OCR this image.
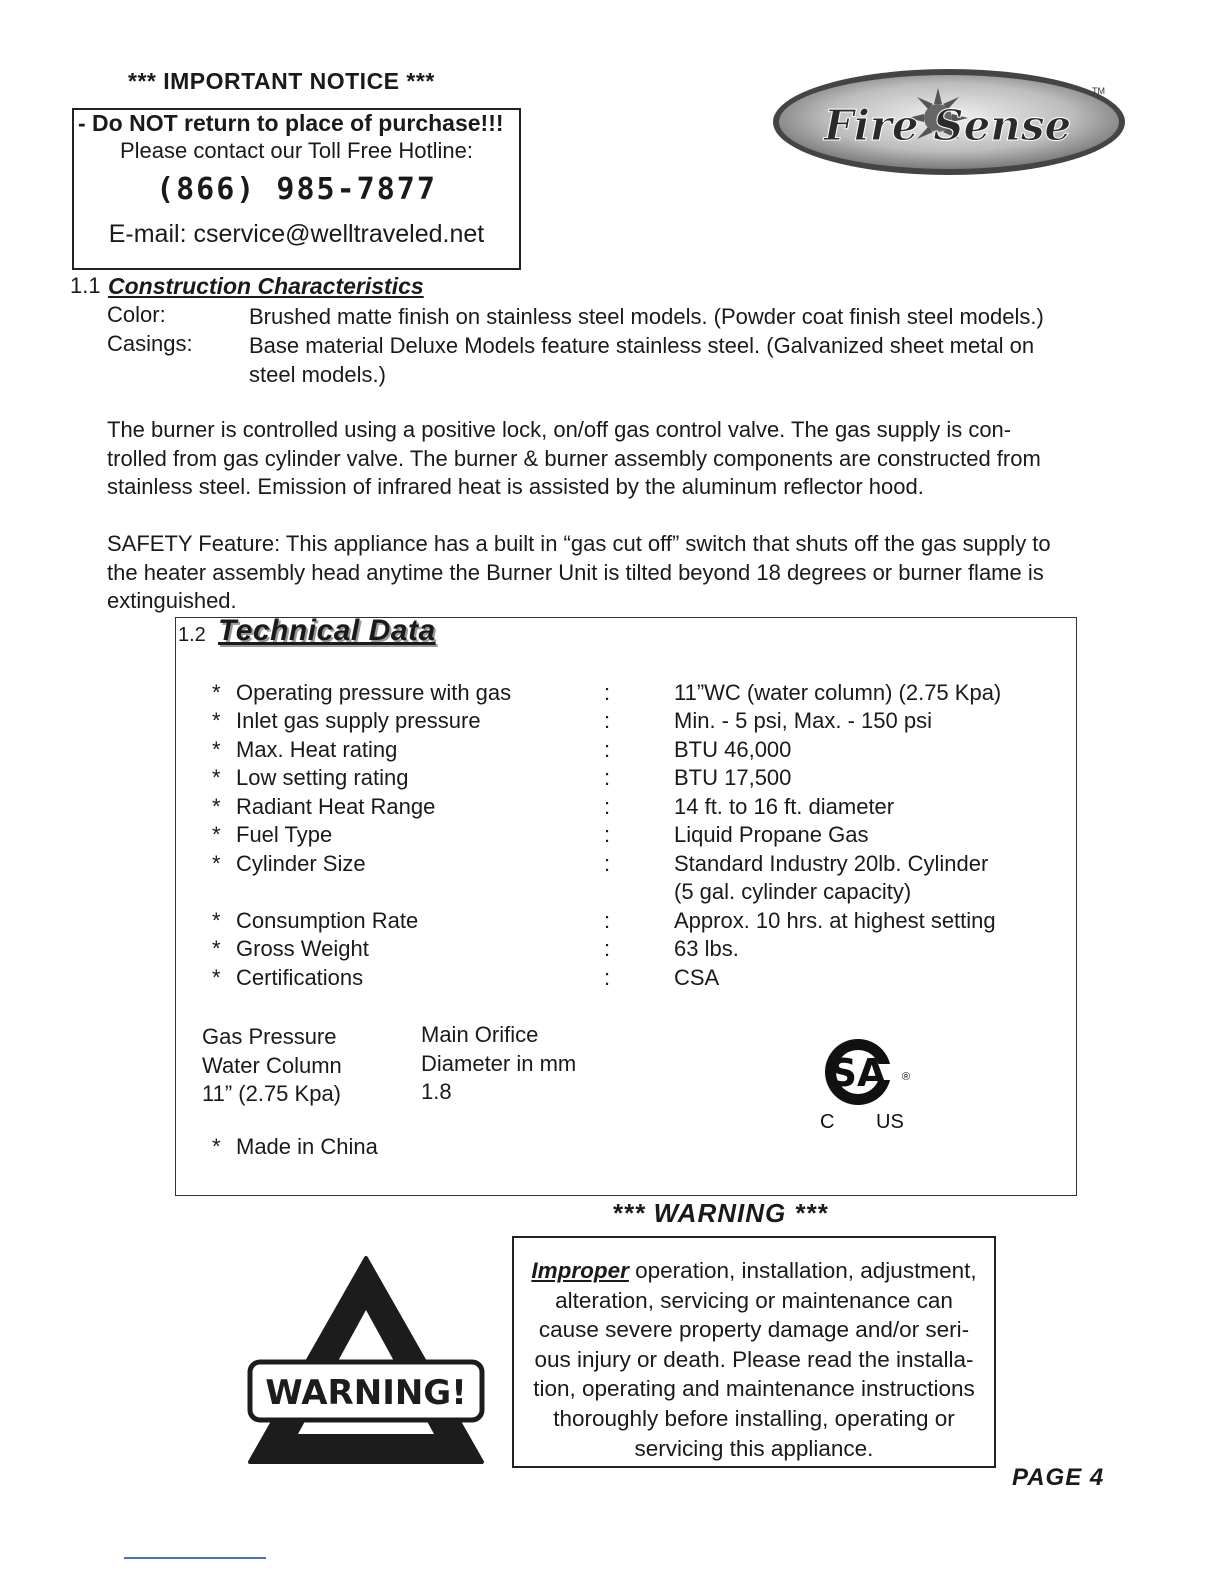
*** IMPORTANT NOTICE ***
- Do NOT return to place of purchase!!!
Please contact our Toll Free Hotline:
(866) 985-7877
E-mail: cservice@welltraveled.net
Fire Sense
TM
1.1 Construction Characteristics
Color:	Brushed matte finish on stainless steel models. (Powder coat finish steel models.)
Casings:	Base material Deluxe Models feature stainless steel. (Galvanized sheet metal on
steel models.)
The burner is controlled using a positive lock, on/off gas control valve. The gas supply is con-
trolled from gas cylinder valve. The burner & burner assembly components are constructed from
stainless steel. Emission of infrared heat is assisted by the aluminum reflector hood.
SAFETY Feature: This appliance has a built in “gas cut off” switch that shuts off the gas supply to
the heater assembly head anytime the Burner Unit is tilted beyond 18 degrees or burner flame is
extinguished.
1.2 Technical Data
* Operating pressure with gas	:	11”WC (water column) (2.75 Kpa)
* Inlet gas supply pressure	:	Min. - 5 psi, Max. - 150 psi
* Max. Heat rating	:	BTU 46,000
* Low setting rating	:	BTU 17,500
* Radiant Heat Range	:	14 ft. to 16 ft. diameter
* Fuel Type	:	Liquid Propane Gas
* Cylinder Size	:	Standard Industry 20lb. Cylinder
(5 gal. cylinder capacity)
* Consumption Rate	:	Approx. 10 hrs. at highest setting
* Gross Weight	:	63 lbs.
* Certifications	:	CSA
Gas Pressure
Water Column
11” (2.75 Kpa)
Main Orifice
Diameter in mm
1.8
* Made in China
SA ®
C US
*** WARNING ***
WARNING!
Improper operation, installation, adjustment,
alteration, servicing or maintenance can
cause severe property damage and/or seri-
ous injury or death. Please read the installa-
tion, operating and maintenance instructions
thoroughly before installing, operating or
servicing this appliance.
PAGE 4
